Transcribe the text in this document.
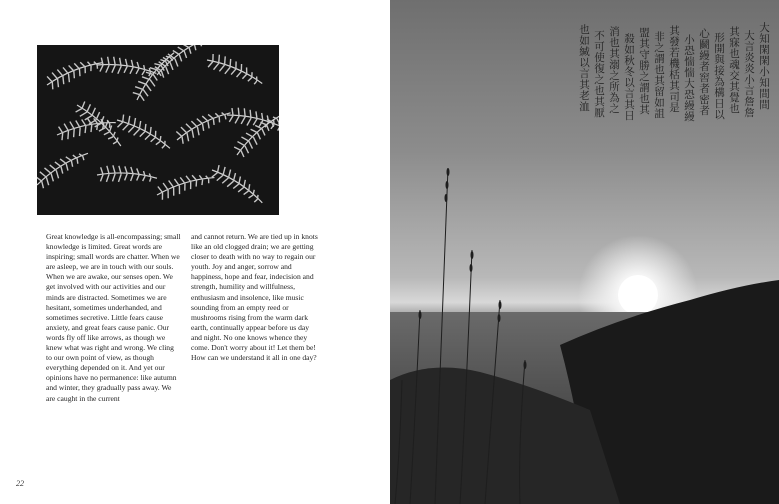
Great knowledge is all-encompassing; small knowledge is limited. Great words are inspiring; small words are chatter. When we are asleep, we are in touch with our souls. When we are awake, our senses open. We get involved with our activities and our minds are distracted. Sometimes we are hesitant, sometimes underhanded, and sometimes secretive. Little fears cause anxiety, and great fears cause panic. Our words fly off like arrows, as though we knew what was right and wrong. We cling to our own point of view, as though everything depended on it. And yet our opinions have no permanence: like autumn and winter, they gradually pass away. We are caught in the current
and cannot return. We are tied up in knots like an old clogged drain; we are getting closer to death with no way to regain our youth. Joy and anger, sorrow and happiness, hope and fear, indecision and strength, humility and willfulness, enthusiasm and insolence, like music sounding from an empty reed or mushrooms rising from the warm dark earth, continually appear before us day and night. No one knows whence they come. Don't worry about it! Let them be! How can we understand it all in one day?
22
大知閑閑小知間間
大言炎炎小言詹詹
其寐也魂交其覺也
形開與接為構日以
心鬬縵者窖者密者
小恐惴惴大恐縵縵
其發若機栝其司是
非之謂也其留如詛
盟其守勝之謂也其
殺如秋冬以言其日
消也其溺之所為之
不可使復之也其厭
也如緘以言其老洫
